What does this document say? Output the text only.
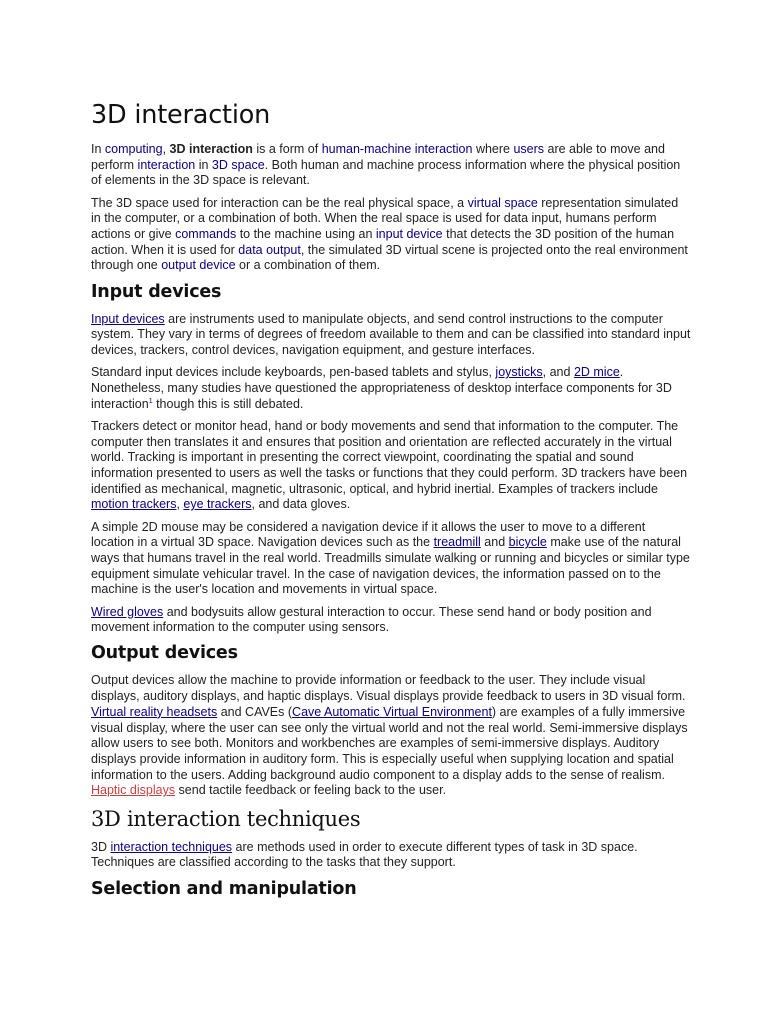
3D interaction

In computing, 3D interaction is a form of human-machine interaction where users are able to move and perform interaction in 3D space. Both human and machine process information where the physical position of elements in the 3D space is relevant.

The 3D space used for interaction can be the real physical space, a virtual space representation simulated in the computer, or a combination of both. When the real space is used for data input, humans perform actions or give commands to the machine using an input device that detects the 3D position of the human action. When it is used for data output, the simulated 3D virtual scene is projected onto the real environment through one output device or a combination of them.

Input devices

Input devices are instruments used to manipulate objects, and send control instructions to the computer system. They vary in terms of degrees of freedom available to them and can be classified into standard input devices, trackers, control devices, navigation equipment, and gesture interfaces.

Standard input devices include keyboards, pen-based tablets and stylus, joysticks, and 2D mice. Nonetheless, many studies have questioned the appropriateness of desktop interface components for 3D interaction$^1$ though this is still debated.

Trackers detect or monitor head, hand or body movements and send that information to the computer. The computer then translates it and ensures that position and orientation are reflected accurately in the virtual world. Tracking is important in presenting the correct viewpoint, coordinating the spatial and sound information presented to users as well the tasks or functions that they could perform. 3D trackers have been identified as mechanical, magnetic, ultrasonic, optical, and hybrid inertial. Examples of trackers include motion trackers, eye trackers, and data gloves.

A simple 2D mouse may be considered a navigation device if it allows the user to move to a different location in a virtual 3D space. Navigation devices such as the treadmill and bicycle make use of the natural ways that humans travel in the real world. Treadmills simulate walking or running and bicycles or similar type equipment simulate vehicular travel. In the case of navigation devices, the information passed on to the machine is the user's location and movements in virtual space.

Wired gloves and bodysuits allow gestural interaction to occur. These send hand or body position and movement information to the computer using sensors.

Output devices

Output devices allow the machine to provide information or feedback to the user. They include visual displays, auditory displays, and haptic displays. Visual displays provide feedback to users in 3D visual form. Virtual reality headsets and CAVEs (Cave Automatic Virtual Environment) are examples of a fully immersive visual display, where the user can see only the virtual world and not the real world. Semi-immersive displays allow users to see both. Monitors and workbenches are examples of semi-immersive displays. Auditory displays provide information in auditory form. This is especially useful when supplying location and spatial information to the users. Adding background audio component to a display adds to the sense of realism. Haptic displays send tactile feedback or feeling back to the user.

3D interaction techniques

3D interaction techniques are methods used in order to execute different types of task in 3D space. Techniques are classified according to the tasks that they support.

Selection and manipulation
